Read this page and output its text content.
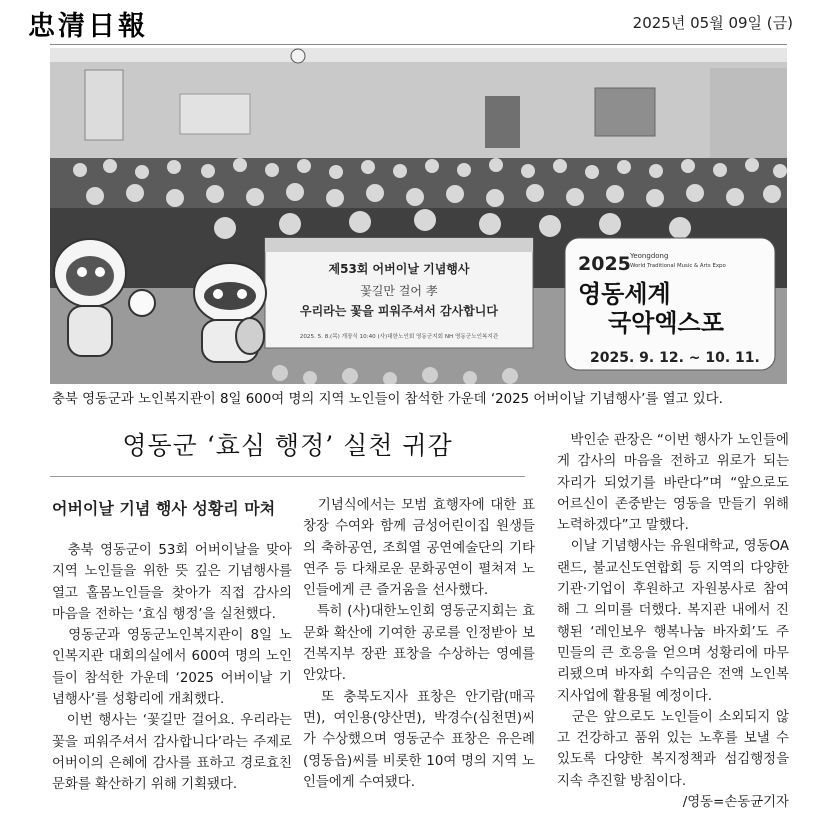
忠清日報	2025년 05월 09일 (금)
제53회 어버이날 기념행사
꽃길만 걸어 孝
우리라는 꽃을 피워주셔서 감사합니다
2025. 5. 8.(목) 개장식 10:40 (사)대한노인회 영동군지회 NH 영동군노인복지관
2025 Yeongdong
World Traditional Music & Arts Expo
영동세계
국악엑스포
2025. 9. 12. ~ 10. 11.
충북 영동군과 노인복지관이 8일 600여 명의 지역 노인들이 참석한 가운데 ‘2025 어버이날 기념행사’를 열고 있다.
영동군 ‘효심 행정’ 실천 귀감
어버이날 기념 행사 성황리 마쳐

　충북 영동군이 53회 어버이날을 맞아 지역 노인들을 위한 뜻 깊은 기념행사를 열고 홀몸노인들을 찾아가 직접 감사의 마음을 전하는 ‘효심 행정’을 실천했다.

　영동군과 영동군노인복지관이 8일 노인복지관 대회의실에서 600여 명의 노인들이 참석한 가운데 ‘2025 어버이날 기념행사’를 성황리에 개최했다.

　이번 행사는 ‘꽃길만 걸어요. 우리라는 꽃을 피워주셔서 감사합니다’라는 주제로 어버이의 은혜에 감사를 표하고 경로효친 문화를 확산하기 위해 기획됐다.

　기념식에서는 모범 효행자에 대한 표창장 수여와 함께 금성어린이집 원생들의 축하공연, 조희열 공연예술단의 기타연주 등 다채로운 문화공연이 펼쳐져 노인들에게 큰 즐거움을 선사했다.

　특히 (사)대한노인회 영동군지회는 효 문화 확산에 기여한 공로를 인정받아 보건복지부 장관 표창을 수상하는 영예를 안았다.

　또 충북도지사 표창은 안기람(매곡면), 여인용(양산면), 박경수(심천면)씨가 수상했으며 영동군수 표창은 유은례(영동읍)씨를 비롯한 10여 명의 지역 노인들에게 수여됐다.

　박인순 관장은 “이번 행사가 노인들에게 감사의 마음을 전하고 위로가 되는 자리가 되었기를 바란다”며 “앞으로도 어르신이 존중받는 영동을 만들기 위해 노력하겠다”고 말했다.

　이날 기념행사는 유원대학교, 영동OA랜드, 불교신도연합회 등 지역의 다양한 기관·기업이 후원하고 자원봉사로 참여해 그 의미를 더했다. 복지관 내에서 진행된 ‘레인보우 행복나눔 바자회’도 주민들의 큰 호응을 얻으며 성황리에 마무리됐으며 바자회 수익금은 전액 노인복지사업에 활용될 예정이다.

　군은 앞으로도 노인들이 소외되지 않고 건강하고 품위 있는 노후를 보낼 수 있도록 다양한 복지정책과 섬김행정을 지속 추진할 방침이다.

/영동=손동균기자
